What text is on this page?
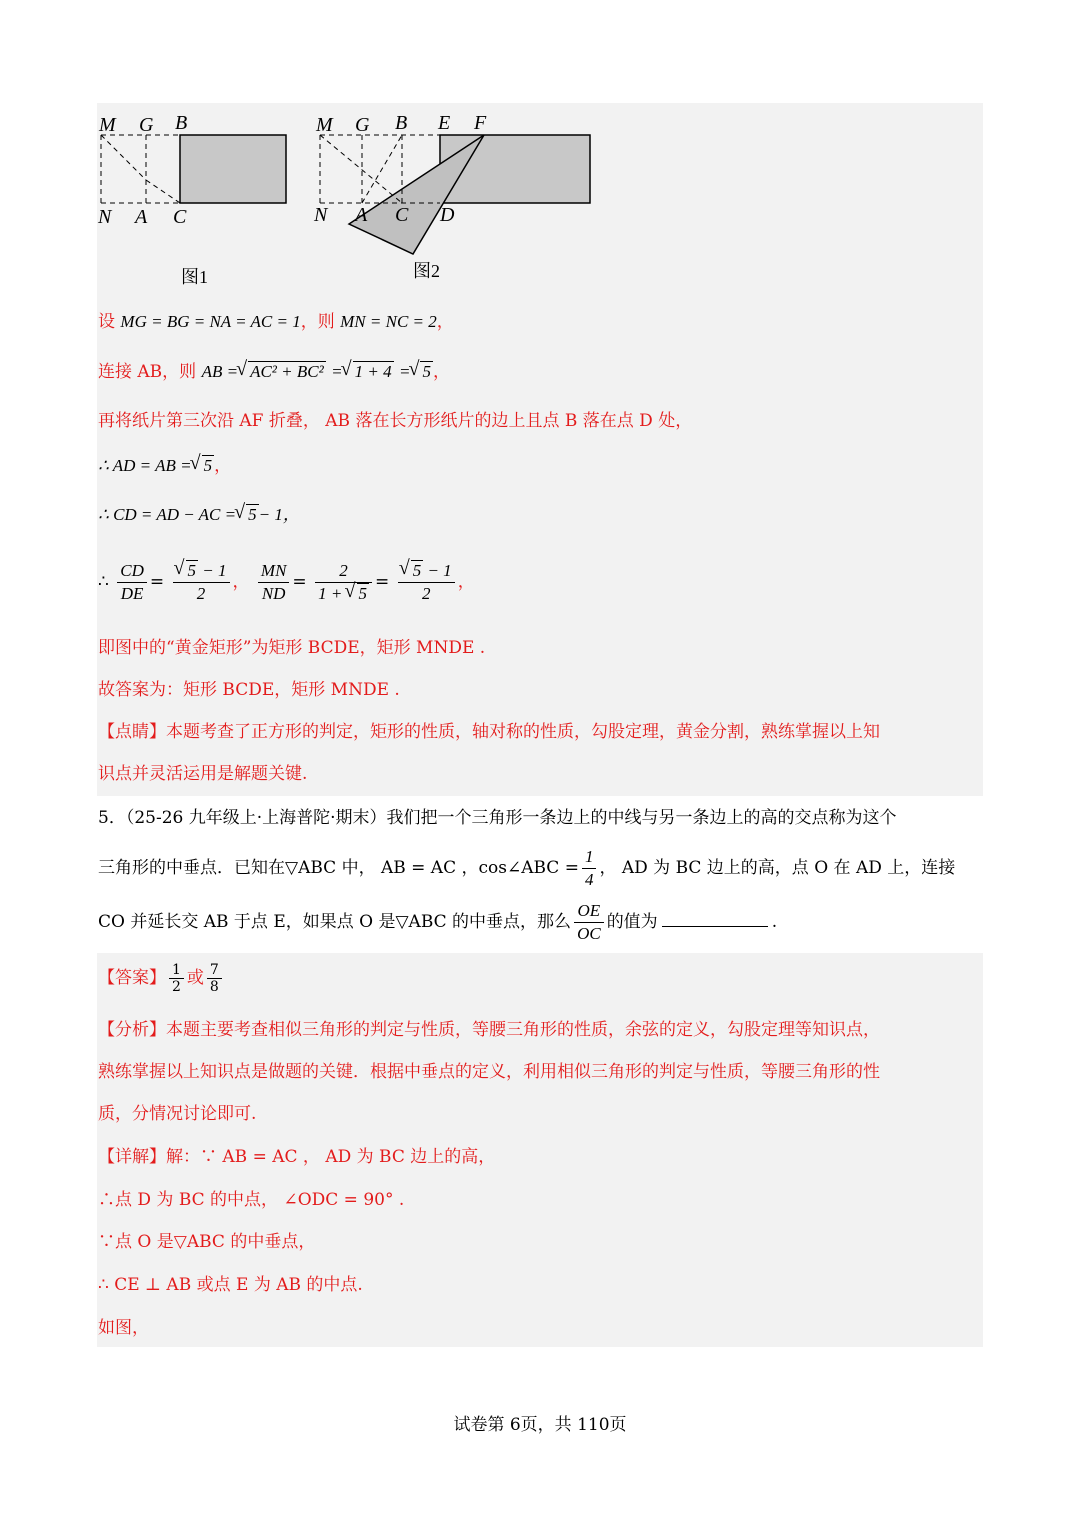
M G B
N A C
图1
M G B E F
N A C D
图2
设 MG = BG = NA = AC = 1，则 MN = NC = 2，
连接 AB，则 AB = √ AC² + BC² = √ 1 + 4 = √ 5 ，
再将纸片第三次沿 AF 折叠， AB 落在长方形纸片的边上且点 B 落在点 D 处，
∴ AD = AB = √ 5 ，
∴ CD = AD − AC = √ 5 − 1，
∴ $\frac{CD}{DE}$ = √ $\frac{5 - 1}{2}$ ， $\frac{MN}{ND} = \frac{2}{1 + √ 5}$ = √ $\frac{5 - 1}{2}$ ，
即图中的“黄金矩形”为矩形 BCDE，矩形 MNDE .
故答案为：矩形 BCDE，矩形 MNDE .
【点睛】本题考查了正方形的判定，矩形的性质，轴对称的性质，勾股定理，黄金分割，熟练掌握以上知
识点并灵活运用是解题关键.
5．（25-26 九年级上·上海普陀·期末）我们把一个三角形一条边上的中线与另一条边上的高的交点称为这个
三角形的中垂点．已知在▽ABC 中， AB = AC ，cos∠ABC = $\frac{1}{4}$ ， AD 为 BC 边上的高，点 O 在 AD 上，连接
CO 并延长交 AB 于点 E，如果点 O 是▽ABC 的中垂点，那么 $\frac{OE}{OC}$ 的值为	.
【答案】 $\frac{1}{2}$ 或 $\frac{7}{8}$
【分析】本题主要考查相似三角形的判定与性质，等腰三角形的性质，余弦的定义，勾股定理等知识点，
熟练掌握以上知识点是做题的关键．根据中垂点的定义，利用相似三角形的判定与性质，等腰三角形的性
质，分情况讨论即可.
【详解】解：∵ AB = AC ， AD 为 BC 边上的高，
∴点 D 为 BC 的中点， ∠ODC = 90° .
∵点 O 是▽ABC 的中垂点，
∴ CE ⊥ AB 或点 E 为 AB 的中点.
如图，
试卷第 6页，共 110页
